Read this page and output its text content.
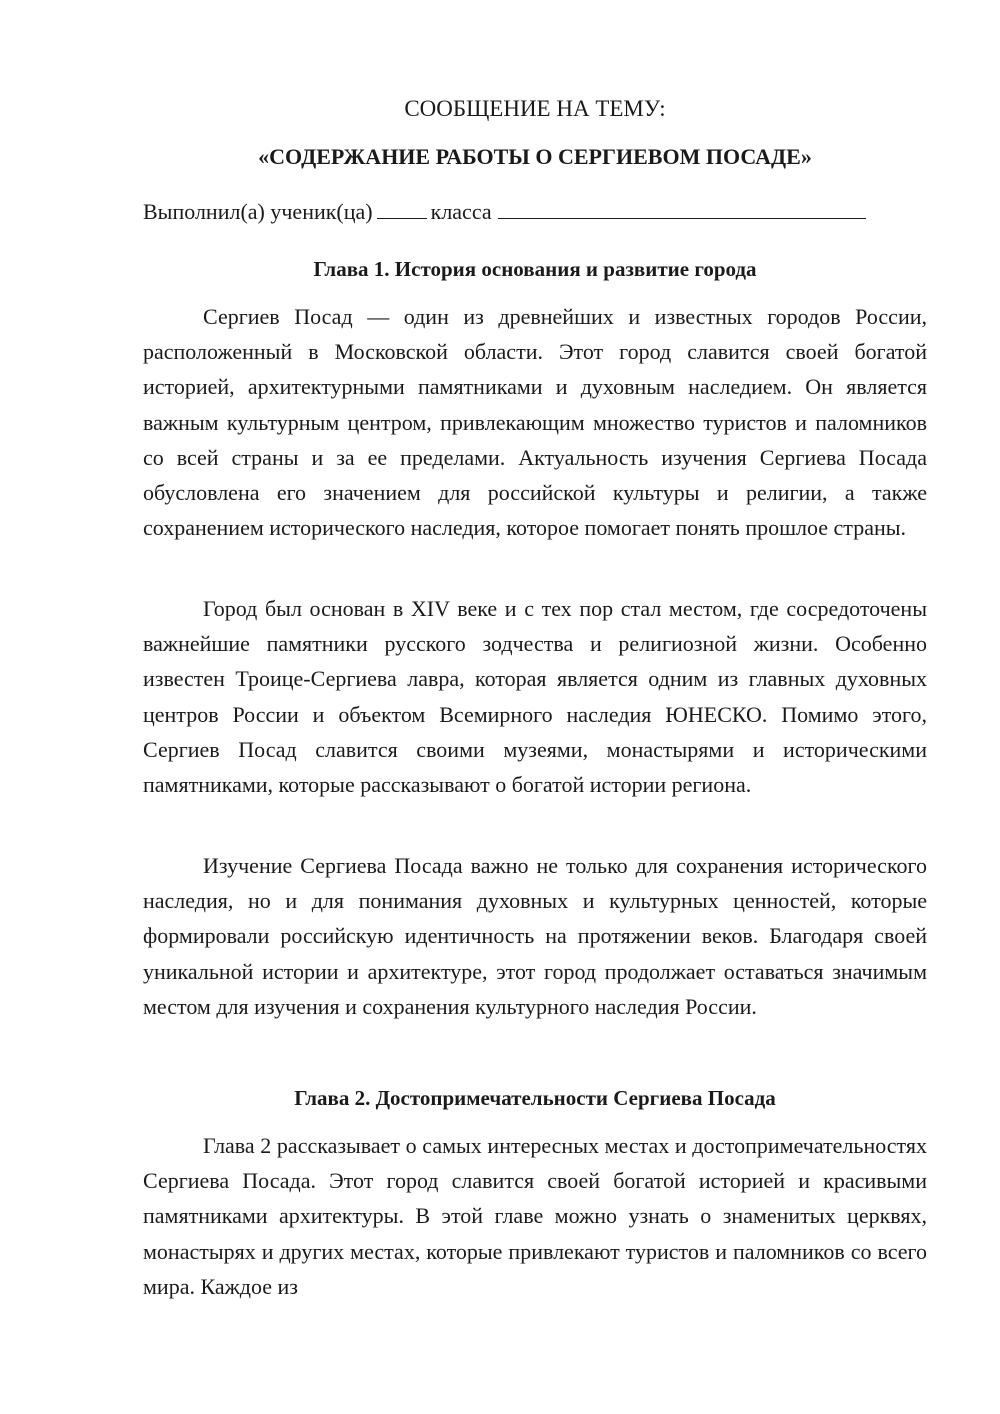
СООБЩЕНИЕ НА ТЕМУ:
«СОДЕРЖАНИЕ РАБОТЫ О СЕРГИЕВОМ ПОСАДЕ»
Выполнил(а) ученик(ца)	класса
Глава 1. История основания и развитие города

Сергиев Посад — один из древнейших и известных городов России, расположенный в Московской области. Этот город славится своей богатой историей, архитектурными памятниками и духовным наследием. Он является важным культурным центром, привлекающим множество туристов и паломников со всей страны и за ее пределами. Актуальность изучения Сергиева Посада обусловлена его значением для российской культуры и религии, а также сохранением исторического наследия, которое помогает понять прошлое страны.

Город был основан в XIV веке и с тех пор стал местом, где сосредоточены важнейшие памятники русского зодчества и религиозной жизни. Особенно известен Троице-Сергиева лавра, которая является одним из главных духовных центров России и объектом Всемирного наследия ЮНЕСКО. Помимо этого, Сергиев Посад славится своими музеями, монастырями и историческими памятниками, которые рассказывают о богатой истории региона.

Изучение Сергиева Посада важно не только для сохранения исторического наследия, но и для понимания духовных и культурных ценностей, которые формировали российскую идентичность на протяжении веков. Благодаря своей уникальной истории и архитектуре, этот город продолжает оставаться значимым местом для изучения и сохранения культурного наследия России.

Глава 2. Достопримечательности Сергиева Посада

Глава 2 рассказывает о самых интересных местах и достопримечательностях Сергиева Посада. Этот город славится своей богатой историей и красивыми памятниками архитектуры. В этой главе можно узнать о знаменитых церквях, монастырях и других местах, которые привлекают туристов и паломников со всего мира. Каждое из
